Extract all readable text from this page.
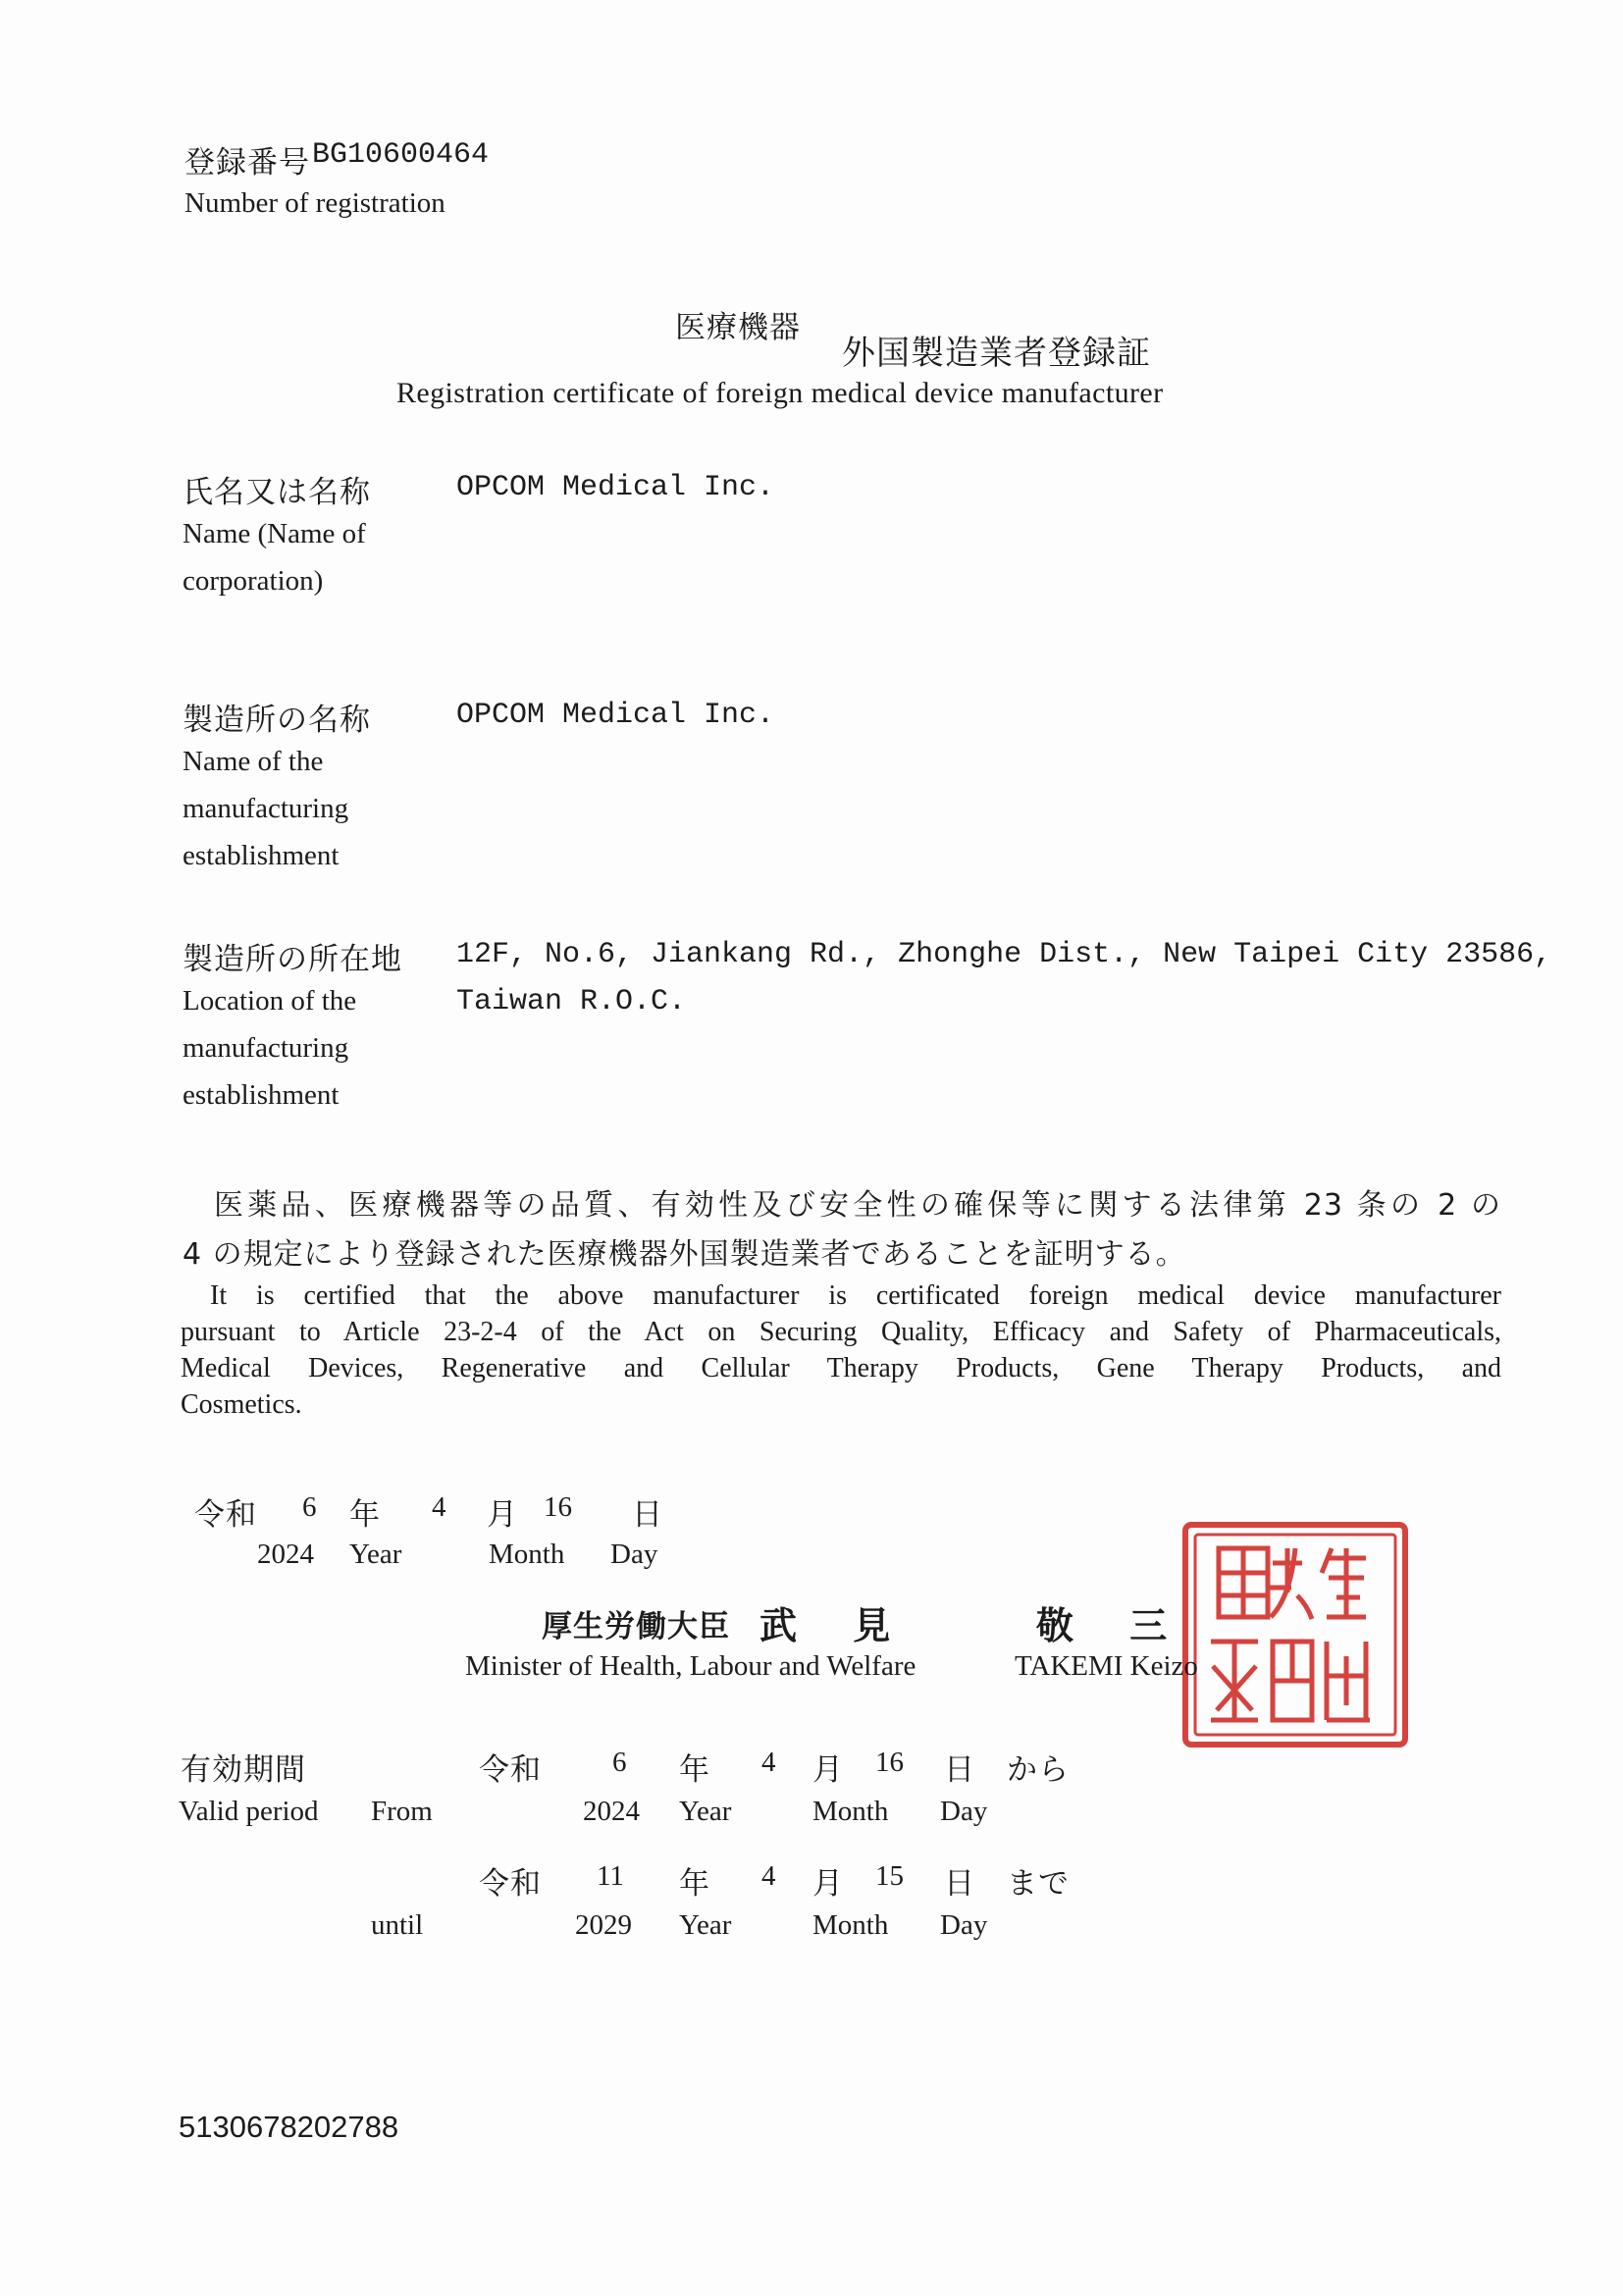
登録番号 BG10600464
Number of registration
医療機器
外国製造業者登録証
Registration certificate of foreign medical device manufacturer
氏名又は名称
Name (Name of
corporation)
OPCOM Medical Inc.
製造所の名称
Name of the
manufacturing
establishment
OPCOM Medical Inc.
製造所の所在地
Location of the
manufacturing
establishment
12F, No.6, Jiankang Rd., Zhonghe Dist., New Taipei City 23586,
Taiwan R.O.C.
医薬品、医療機器等の品質、有効性及び安全性の確保等に関する法律第 23 条の 2 の
4 の規定により登録された医療機器外国製造業者であることを証明する。
It is certified that the above manufacturer is certificated foreign medical device manufacturer
pursuant to Article 23-2-4 of the Act on Securing Quality, Efficacy and Safety of Pharmaceuticals,
Medical Devices, Regenerative and Cellular Therapy Products, Gene Therapy Products, and
Cosmetics.
令和 6 年 4 月 16 日
2024 Year	Month Day
厚生労働大臣 武 見	敬 三
Minister of Health, Labour and Welfare	TAKEMI Keizo
有効期間
Valid period From
令和 6 年 4 月 16 日 から
2024 Year	Month Day
until
令和 11 年 4 月 15 日 まで
2029 Year	Month Day
5130678202788
